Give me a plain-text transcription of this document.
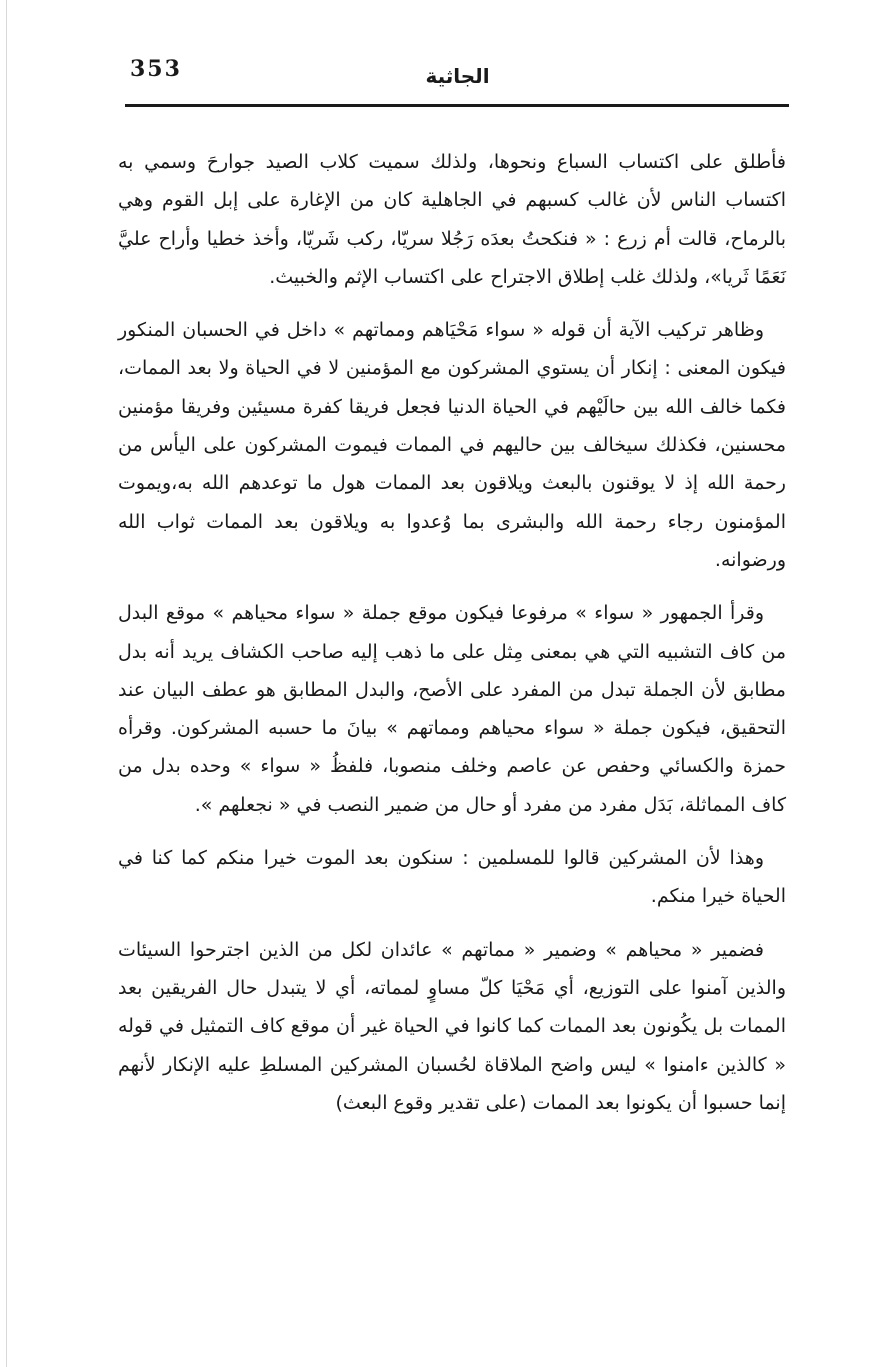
353	الجاثية

فأطلق على اكتساب السباع ونحوها، ولذلك سميت كلاب الصيد جوارحَ وسمي به اكتساب الناس لأن غالب كسبهم في الجاهلية كان من الإغارة على إبل القوم وهي بالرماح، قالت أم زرع : « فنكحتُ بعدَه رَجُلا سريّا، ركب شَريّا، وأخذ خطيا وأراح عليَّ نَعَمًا ثَريا»، ولذلك غلب إطلاق الاجتراح على اكتساب الإثم والخبيث.

وظاهر تركيب الآية أن قوله « سواء مَحْيَاهم ومماتهم » داخل في الحسبان المنكور فيكون المعنى : إنكار أن يستوي المشركون مع المؤمنين لا في الحياة ولا بعد الممات، فكما خالف الله بين حالَيْهم في الحياة الدنيا فجعل فريقا كفرة مسيئين وفريقا مؤمنين محسنين، فكذلك سيخالف بين حاليهم في الممات فيموت المشركون على اليأس من رحمة الله إذ لا يوقنون بالبعث ويلاقون بعد الممات هول ما توعدهم الله به،ويموت المؤمنون رجاء رحمة الله والبشرى بما وُعدوا به ويلاقون بعد الممات ثواب الله ورضوانه.

وقرأ الجمهور « سواء » مرفوعا فيكون موقع جملة « سواء محياهم » موقع البدل من كاف التشبيه التي هي بمعنى مِثل على ما ذهب إليه صاحب الكشاف يريد أنه بدل مطابق لأن الجملة تبدل من المفرد على الأصح، والبدل المطابق هو عطف البيان عند التحقيق، فيكون جملة « سواء محياهم ومماتهم » بيانَ ما حسبه المشركون. وقرأه حمزة والكسائي وحفص عن عاصم وخلف منصوبا، فلفظُ « سواء » وحده بدل من كاف المماثلة، بَدَل مفرد من مفرد أو حال من ضمير النصب في « نجعلهم ».

وهذا لأن المشركين قالوا للمسلمين : سنكون بعد الموت خيرا منكم كما كنا في الحياة خيرا منكم.

فضمير « محياهم » وضمير « مماتهم » عائدان لكل من الذين اجترحوا السيئات والذين آمنوا على التوزيع، أي مَحْيَا كلّ مساوٍ لمماته، أي لا يتبدل حال الفريقين بعد الممات بل يكُونون بعد الممات كما كانوا في الحياة غير أن موقع كاف التمثيل في قوله « كالذين ءامنوا » ليس واضح الملاقاة لحُسبان المشركين المسلطِ عليه الإنكار لأنهم إنما حسبوا أن يكونوا بعد الممات (على تقدير وقوع البعث)
